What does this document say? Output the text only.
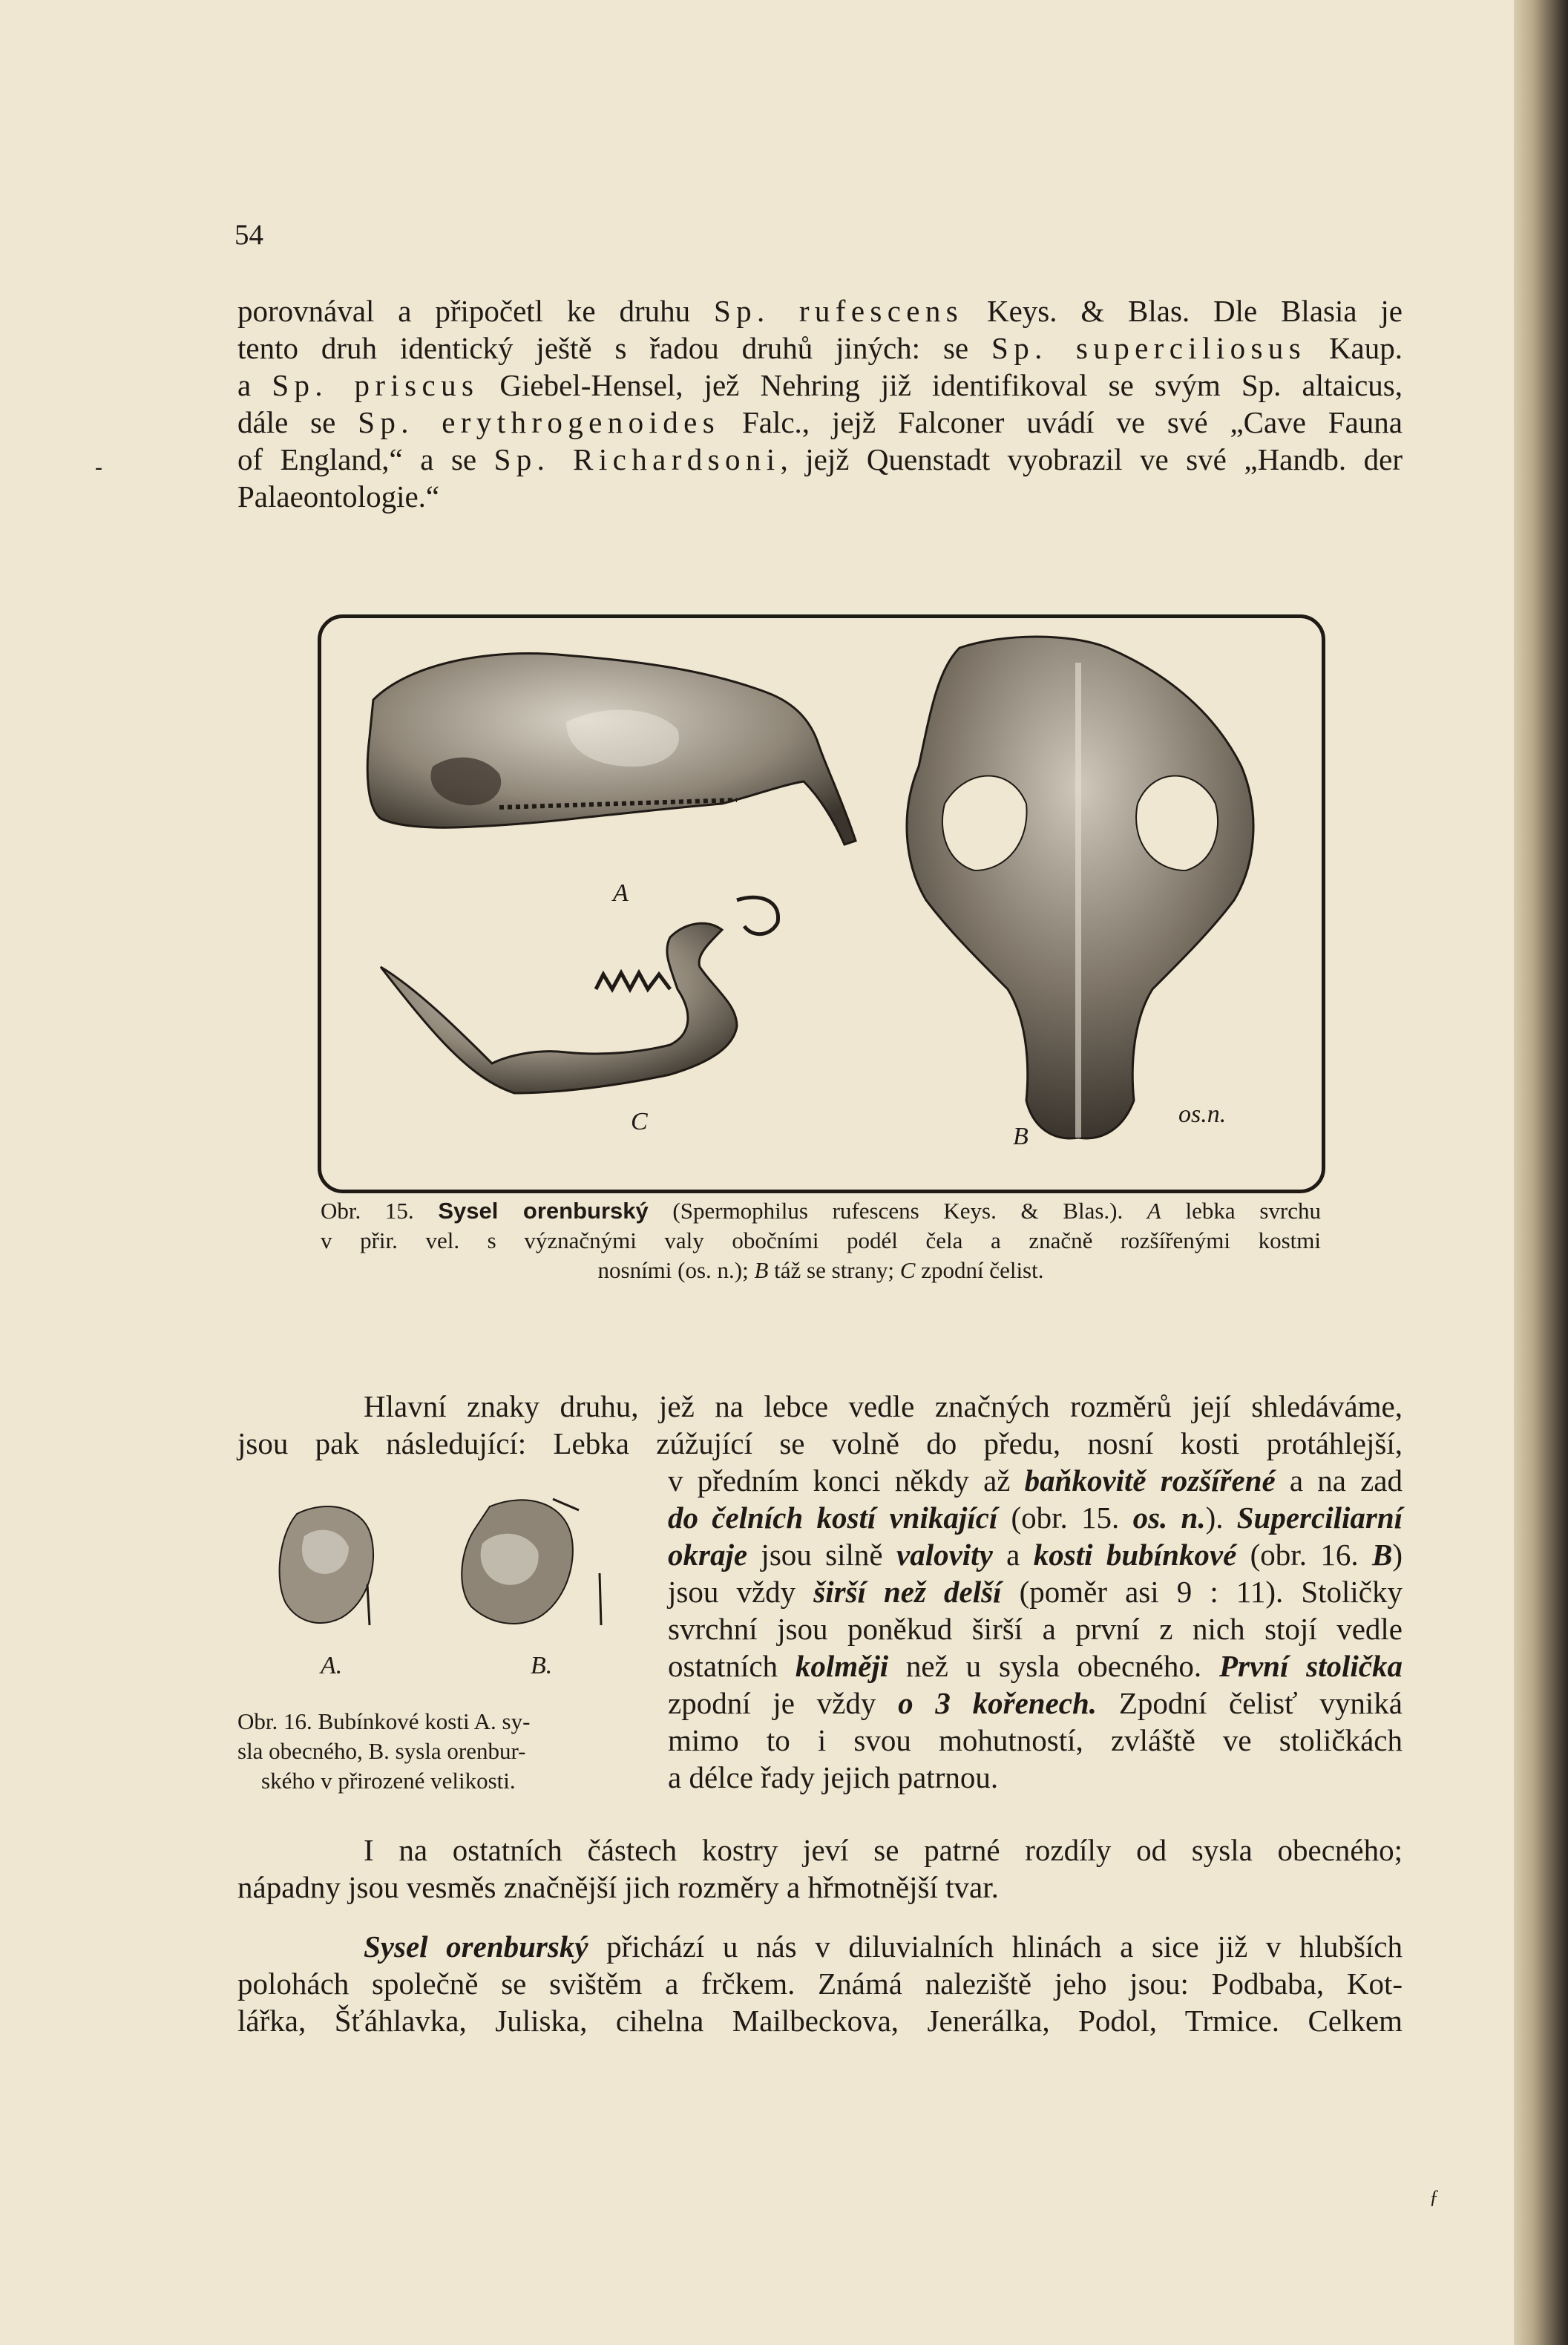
54
-
porovnával a připočetl ke druhu Sp. rufescens Keys. & Blas. Dle Blasia je
tento druh identický ještě s řadou druhů jiných: se Sp. superciliosus Kaup.
a Sp. priscus Giebel-Hensel, jež Nehring již identifikoval se svým Sp. altaicus,
dále se Sp. erythrogenoides Falc., jejž Falconer uvádí ve své „Cave Fauna
of England,“ a se Sp. Richardsoni, jejž Quenstadt vyobrazil ve své „Handb. der
Palaeontologie.“
A
C
B
os.n.
Obr. 15. Sysel orenburský (Spermophilus rufescens Keys. & Blas.). A lebka svrchu
v přir. vel. s význačnými valy obočními podél čela a značně rozšířenými kostmi
nosními (os. n.); B táž se strany; C zpodní čelist.
Hlavní znaky druhu, jež na lebce vedle značných rozměrů její shledáváme,
jsou pak následující: Lebka zúžující se volně do předu, nosní kosti protáhlejší,
v předním konci někdy až baňkovitě rozšířené a na zad
do čelních kostí vnikající (obr. 15. os. n.). Superciliarní
okraje jsou silně valovity a kosti bubínkové (obr. 16. B)
jsou vždy širší než delší (poměr asi 9 : 11). Stoličky
svrchní jsou poněkud širší a první z nich stojí vedle
ostatních kolměji než u sysla obecného. První stolička
zpodní je vždy o 3 kořenech. Zpodní čelisť vyniká
mimo to i svou mohutností, zvláště ve stoličkách
a délce řady jejich patrnou.
A.	B.
Obr. 16. Bubínkové kosti A. sy-
sla obecného, B. sysla orenbur-
ského v přirozené velikosti.
I na ostatních částech kostry jeví se patrné rozdíly od sysla obecného;
nápadny jsou vesměs značnější jich rozměry a hřmotnější tvar.
Sysel orenburský přichází u nás v diluvialních hlinách a sice již v hlubších
polohách společně se svištěm a frčkem. Známá naleziště jeho jsou: Podbaba, Kot-
lářka, Šťáhlavka, Juliska, cihelna Mailbeckova, Jenerálka, Podol, Trmice. Celkem
ƒ
